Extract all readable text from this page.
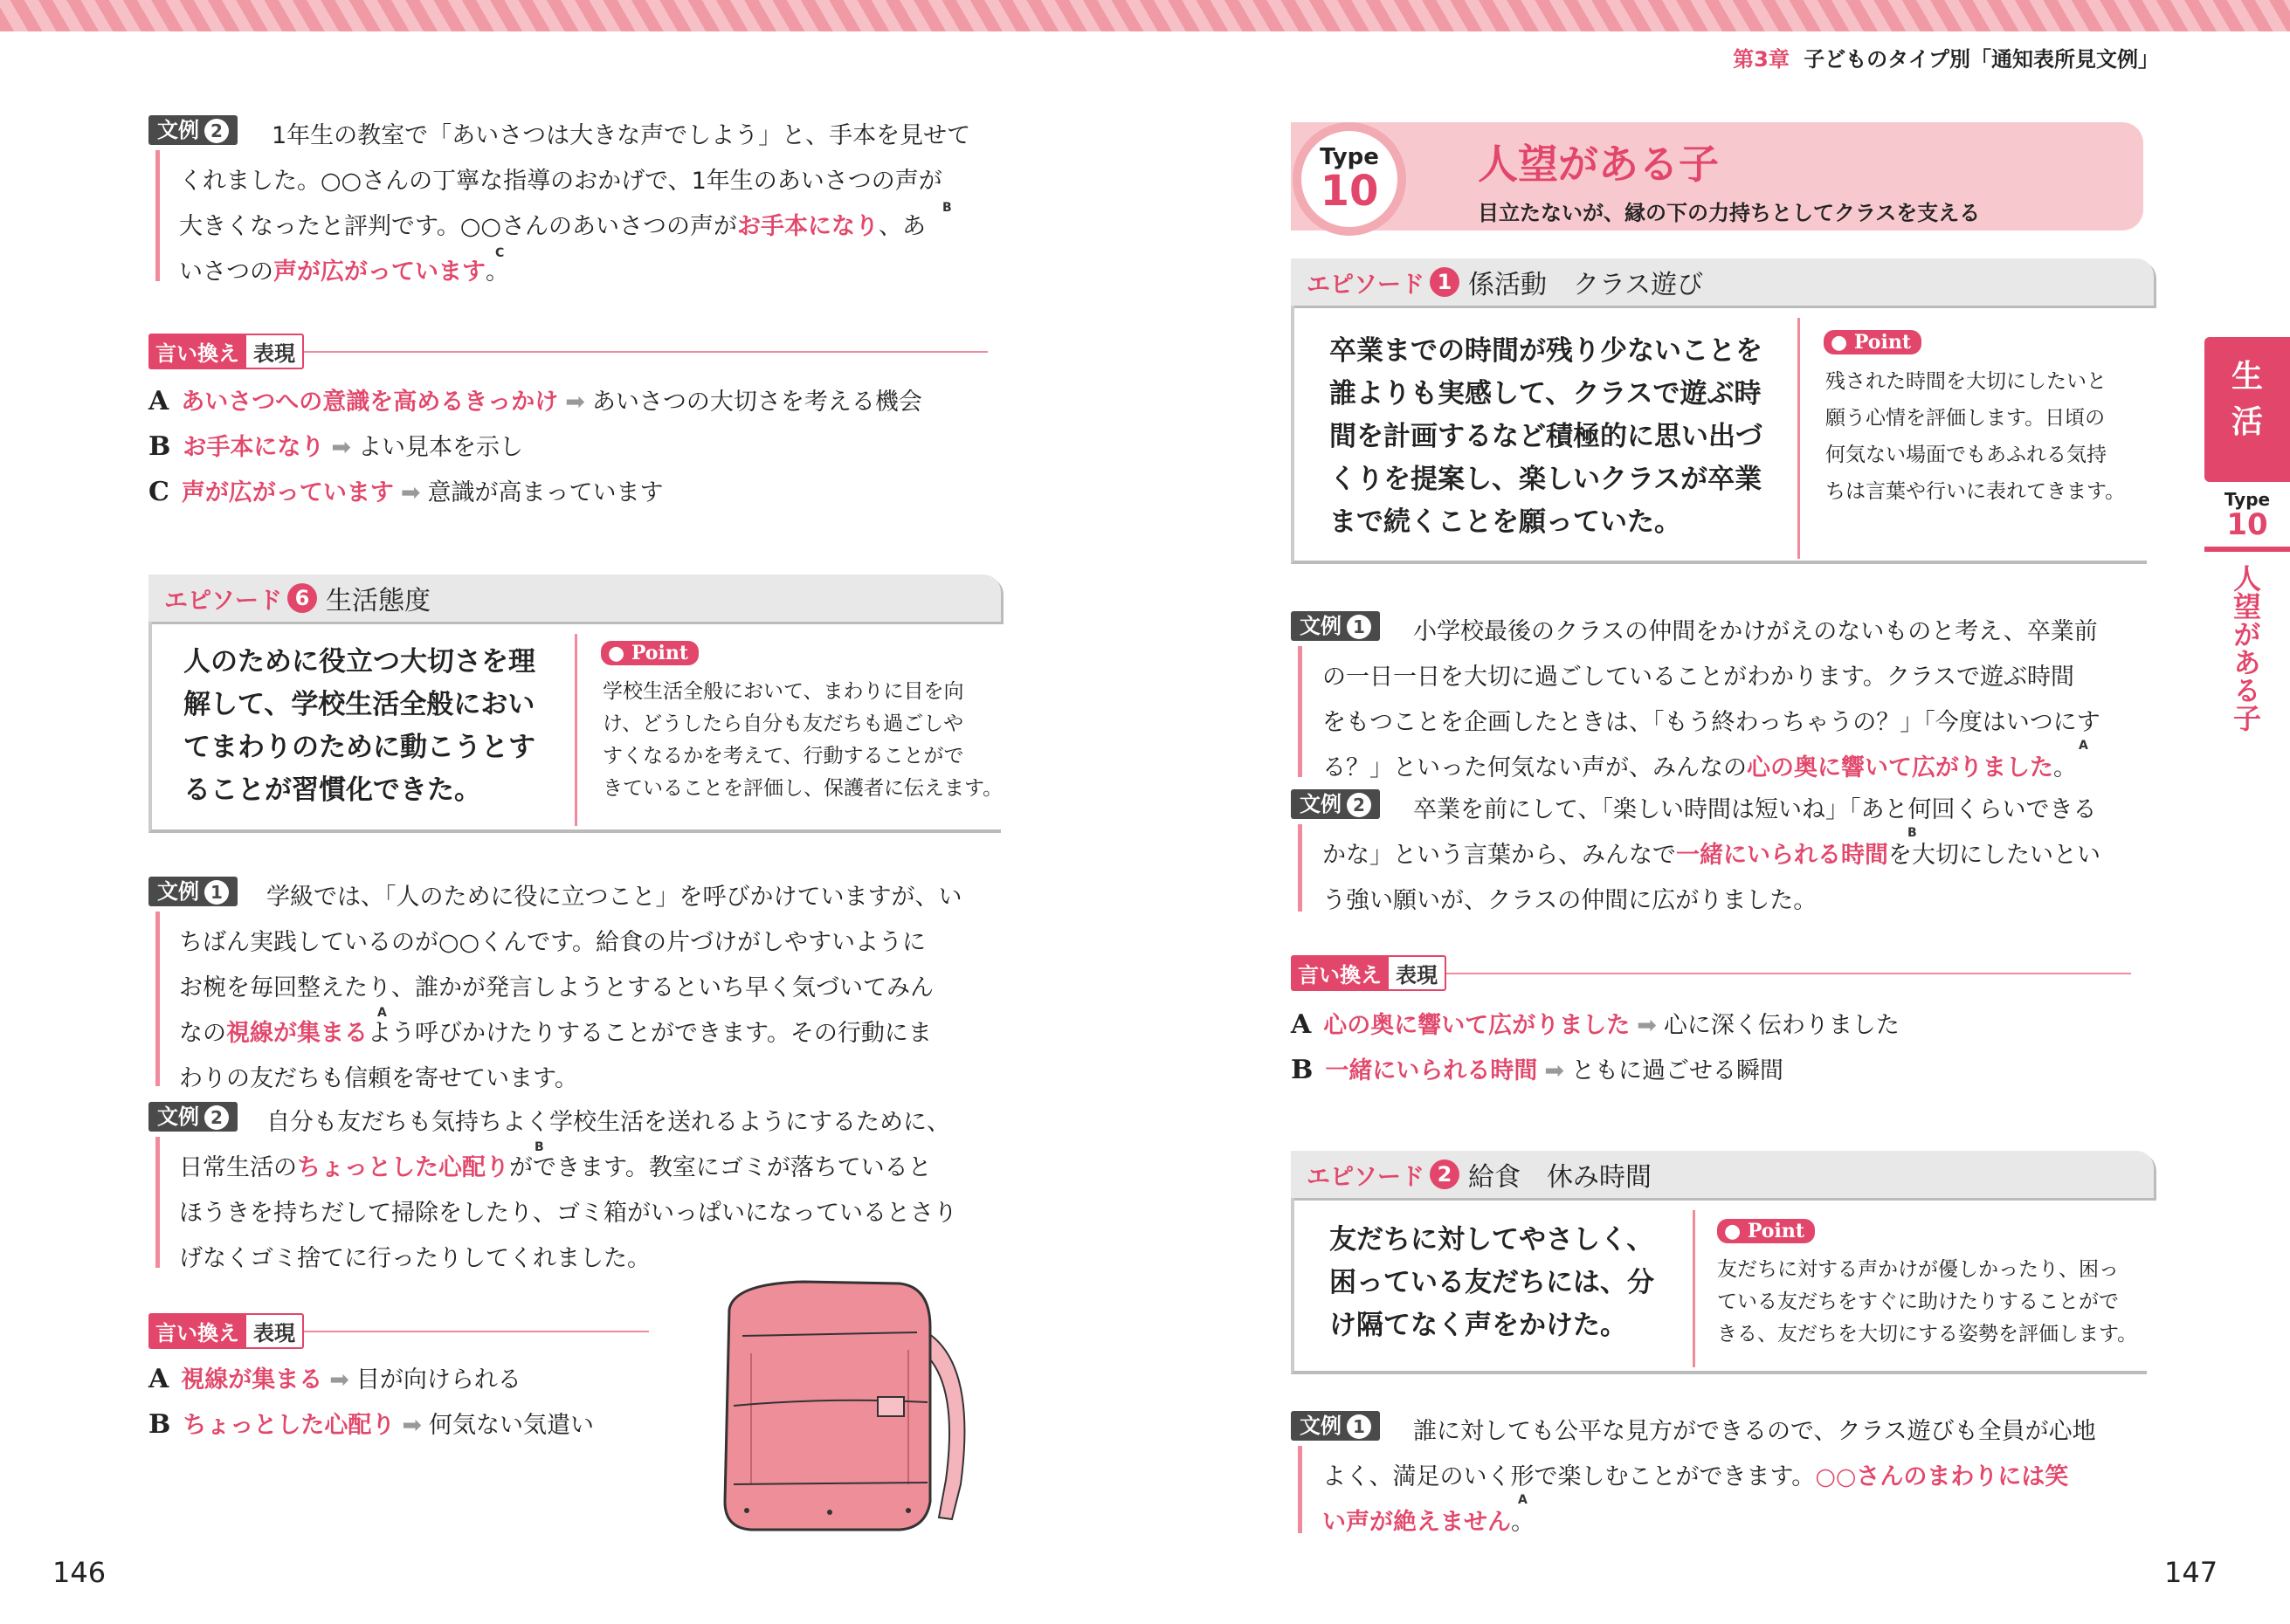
第3章 子どものタイプ別「通知表所見文例」
文例 2	1年生の教室で「あいさつは大きな声でしよう」と、手本を見せて
くれました。○○さんの丁寧な指導のおかげで、1年生のあいさつの声が
大きくなったと評判です。○○さんのあいさつの声がお手本になり、あ
いさつの声が広がっています。
B
C
言い換え 表現
A あいさつへの意識を高めるきっかけ ➡ あいさつの大切さを考える機会
B お手本になり ➡ よい見本を示し
C 声が広がっています ➡ 意識が高まっています
エピソード 6 生活態度
人のために役立つ大切さを理
解して、学校生活全般におい
てまわりのために動こうとす
ることが習慣化できた。
● Point
学校生活全般において、まわりに目を向
け、どうしたら自分も友だちも過ごしや
すくなるかを考えて、行動することがで
きていることを評価し、保護者に伝えます。
文例 1	学級では、「人のために役に立つこと」を呼びかけていますが、い
ちばん実践しているのが○○くんです。給食の片づけがしやすいように
お椀を毎回整えたり、誰かが発言しようとするといち早く気づいてみん
なの視線が集まるよう呼びかけたりすることができます。その行動にま
わりの友だちも信頼を寄せています。
A
文例 2	自分も友だちも気持ちよく学校生活を送れるようにするために、
日常生活のちょっとした心配りができます。教室にゴミが落ちていると
ほうきを持ちだして掃除をしたり、ゴミ箱がいっぱいになっているとさり
げなくゴミ捨てに行ったりしてくれました。
B
言い換え 表現
A 視線が集まる ➡ 目が向けられる
B ちょっとした心配り ➡ 何気ない気遣い
146
Type
10
人望がある子
目立たないが、縁の下の力持ちとしてクラスを支える
エピソード 1 係活動　クラス遊び
卒業までの時間が残り少ないことを
誰よりも実感して、クラスで遊ぶ時
間を計画するなど積極的に思い出づ
くりを提案し、楽しいクラスが卒業
まで続くことを願っていた。
● Point
残された時間を大切にしたいと
願う心情を評価します。日頃の
何気ない場面でもあふれる気持
ちは言葉や行いに表れてきます。
文例 1	小学校最後のクラスの仲間をかけがえのないものと考え、卒業前
の一日一日を大切に過ごしていることがわかります。クラスで遊ぶ時間
をもつことを企画したときは、「もう終わっちゃうの？」「今度はいつにす
る？」といった何気ない声が、みんなの心の奥に響いて広がりました。
A
文例 2	卒業を前にして、「楽しい時間は短いね」「あと何回くらいできる
かな」という言葉から、みんなで一緒にいられる時間を大切にしたいとい
う強い願いが、クラスの仲間に広がりました。
B
言い換え 表現
A 心の奥に響いて広がりました ➡ 心に深く伝わりました
B 一緒にいられる時間 ➡ ともに過ごせる瞬間
エピソード 2 給食　休み時間
友だちに対してやさしく、
困っている友だちには、分
け隔てなく声をかけた。
● Point
友だちに対する声かけが優しかったり、困っ
ている友だちをすぐに助けたりすることがで
きる、友だちを大切にする姿勢を評価します。
文例 1	誰に対しても公平な見方ができるので、クラス遊びも全員が心地
よく、満足のいく形で楽しむことができます。○○さんのまわりには笑
い声が絶えません。
A
生
活
Type
10
人望がある子
147
